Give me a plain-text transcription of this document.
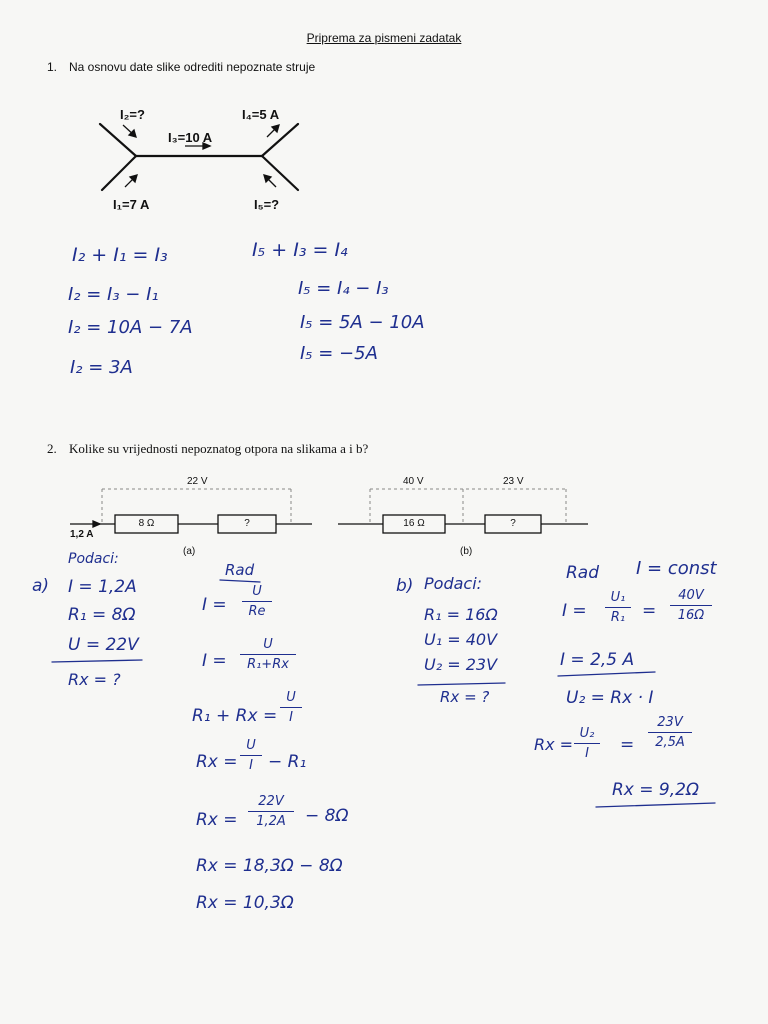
Priprema za pismeni zadatak
1. Na osnovu date slike odrediti nepoznate struje
I₂=?
I₃=10 A
I₄=5 A
I₁=7 A	I₅=?
I₂ + I₁ = I₃
I₂ = I₃ − I₁
I₂ = 10A − 7A
I₂ = 3A
I₅ + I₃ = I₄
I₅ = I₄ − I₃
I₅ = 5A − 10A
I₅ = −5A
2. Kolike su vrijednosti nepoznatog otpora na slikama a i b?
22 V
1,2 A
8 Ω	?
(a)
40 V	23 V
16 Ω	?
(b)
Podaci:
a) I = 1,2A
R₁ = 8Ω
U = 22V
Rx = ?
Rad
I =
U
Re
I =
U
R₁+Rx
R₁ + Rx =
U
I
Rx =
U
I − R₁
Rx =
22V
1,2A	− 8Ω
Rx = 18,3Ω − 8Ω
Rx = 10,3Ω
b) Podaci:
R₁ = 16Ω
U₁ = 40V
U₂ = 23V
Rx = ?
Rad I = const
I =
U₁
R₁ =
40V
16Ω
I = 2,5 A
U₂ = Rx · I
Rx =
U₂
I	=
23V
2,5A
Rx = 9,2Ω
